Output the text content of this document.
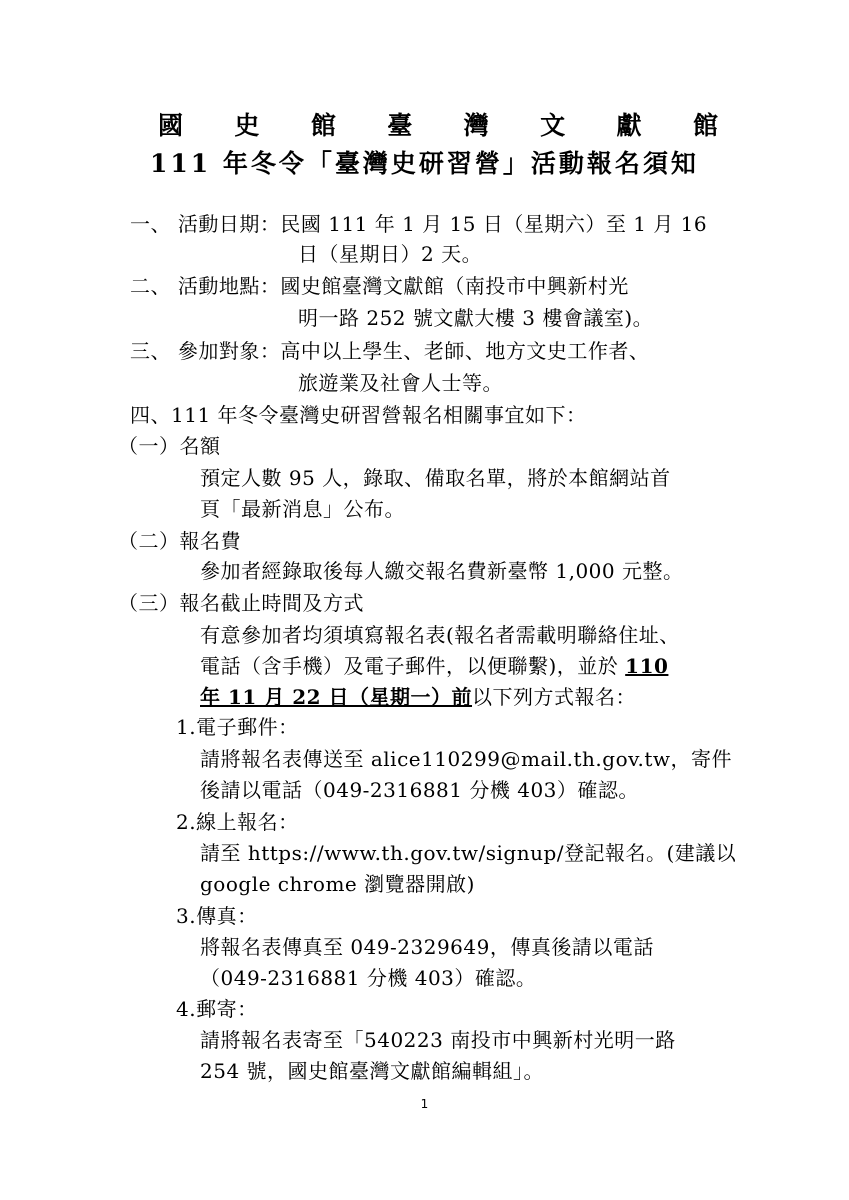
國 史 館 臺 灣 文 獻 館
111 年冬令「臺灣史研習營」活動報名須知
一、 活動日期：民國 111 年 1 月 15 日（星期六）至 1 月 16
日（星期日）2 天。
二、 活動地點：國史館臺灣文獻館（南投市中興新村光
明一路 252 號文獻大樓 3 樓會議室)。
三、 參加對象：高中以上學生、老師、地方文史工作者、
旅遊業及社會人士等。
四、111 年冬令臺灣史研習營報名相關事宜如下：
（一）名額
預定人數 95 人，錄取、備取名單，將於本館網站首
頁「最新消息」公布。
（二）報名費
參加者經錄取後每人繳交報名費新臺幣 1,000 元整。
（三）報名截止時間及方式
有意參加者均須填寫報名表(報名者需載明聯絡住址、
電話（含手機）及電子郵件，以便聯繫)，並於 110
年 11 月 22 日（星期一）前以下列方式報名：
1.電子郵件：
請將報名表傳送至 alice110299@mail.th.gov.tw，寄件
後請以電話（049-2316881 分機 403）確認。
2.線上報名：
請至 https://www.th.gov.tw/signup/登記報名。(建議以
google chrome 瀏覽器開啟)
3.傳真：
將報名表傳真至 049-2329649，傳真後請以電話
（049-2316881 分機 403）確認。
4.郵寄：
請將報名表寄至「540223 南投市中興新村光明一路
254 號，國史館臺灣文獻館編輯組」。
1
